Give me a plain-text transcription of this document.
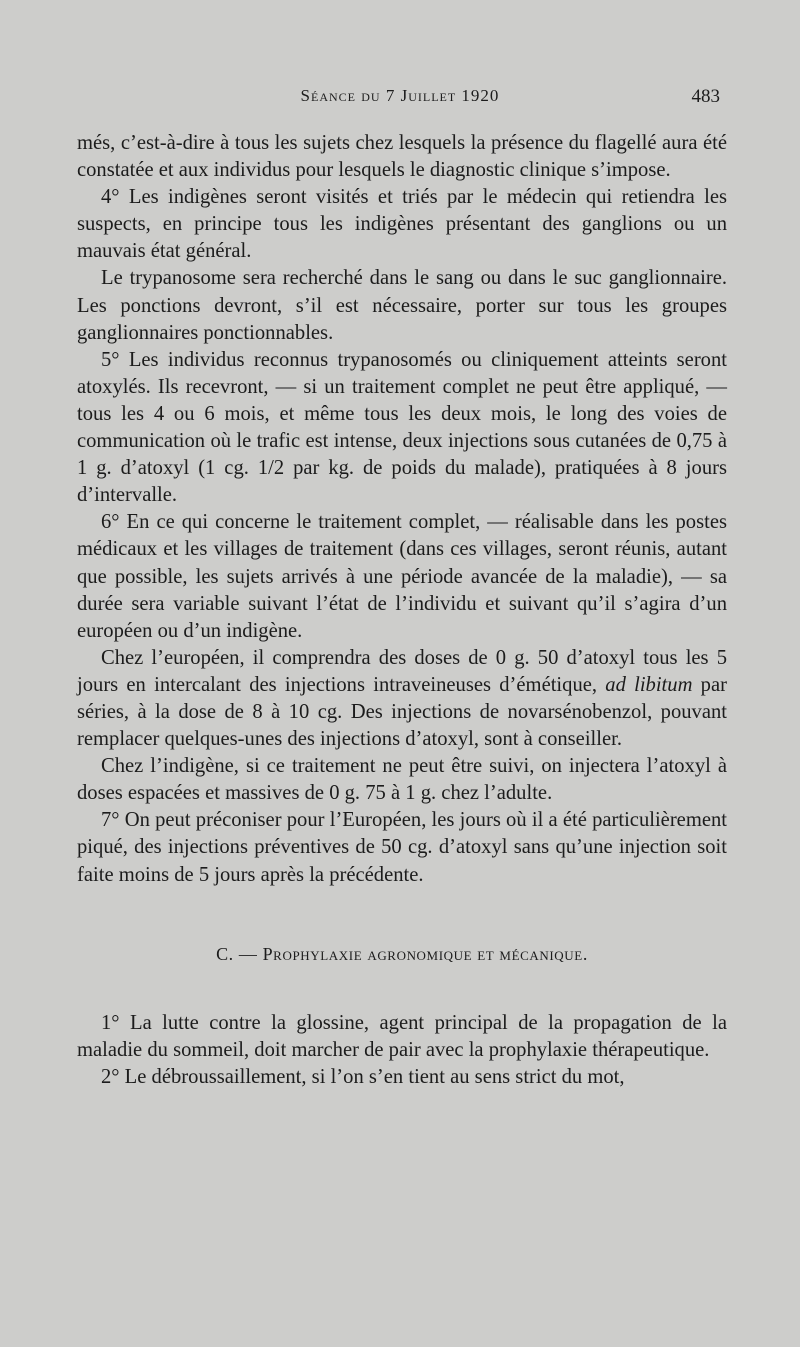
Séance du 7 Juillet 1920	483

més, c’est-à-dire à tous les sujets chez lesquels la présence du flagellé aura été constatée et aux individus pour lesquels le diagnostic clinique s’impose.

4° Les indigènes seront visités et triés par le médecin qui retiendra les suspects, en principe tous les indigènes présentant des ganglions ou un mauvais état général.

Le trypanosome sera recherché dans le sang ou dans le suc ganglionnaire. Les ponctions devront, s’il est nécessaire, porter sur tous les groupes ganglionnaires ponctionnables.

5° Les individus reconnus trypanosomés ou cliniquement atteints seront atoxylés. Ils recevront, — si un traitement complet ne peut être appliqué, — tous les 4 ou 6 mois, et même tous les deux mois, le long des voies de communication où le trafic est intense, deux injections sous cutanées de 0,75 à 1 g. d’atoxyl (1 cg. 1/2 par kg. de poids du malade), pratiquées à 8 jours d’intervalle.

6° En ce qui concerne le traitement complet, — réalisable dans les postes médicaux et les villages de traitement (dans ces villages, seront réunis, autant que possible, les sujets arrivés à une période avancée de la maladie), — sa durée sera variable suivant l’état de l’individu et suivant qu’il s’agira d’un européen ou d’un indigène.

Chez l’européen, il comprendra des doses de 0 g. 50 d’atoxyl tous les 5 jours en intercalant des injections intraveineuses d’émétique, ad libitum par séries, à la dose de 8 à 10 cg. Des injections de novarsénobenzol, pouvant remplacer quelques-unes des injections d’atoxyl, sont à conseiller.

Chez l’indigène, si ce traitement ne peut être suivi, on injectera l’atoxyl à doses espacées et massives de 0 g. 75 à 1 g. chez l’adulte.

7° On peut préconiser pour l’Européen, les jours où il a été particulièrement piqué, des injections préventives de 50 cg. d’atoxyl sans qu’une injection soit faite moins de 5 jours après la précédente.

C. — Prophylaxie agronomique et mécanique.

1° La lutte contre la glossine, agent principal de la propagation de la maladie du sommeil, doit marcher de pair avec la prophylaxie thérapeutique.

2° Le débroussaillement, si l’on s’en tient au sens strict du mot,
